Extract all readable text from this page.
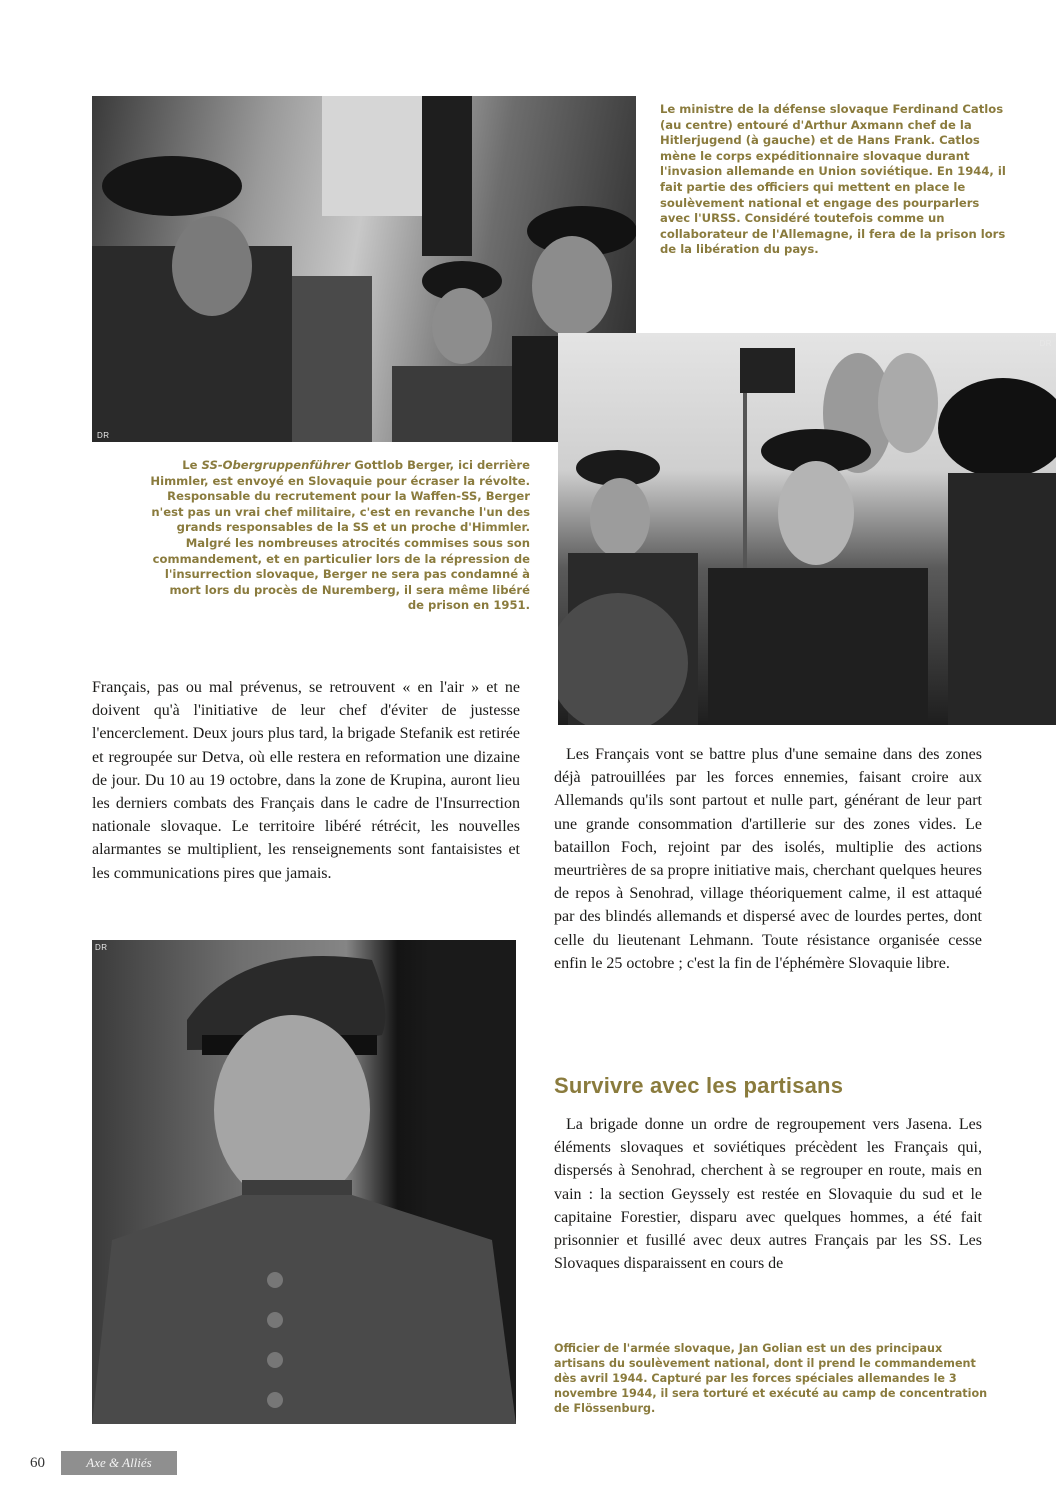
DR

Le ministre de la défense slovaque Ferdinand Catlos (au centre) entouré d'Arthur Axmann chef de la Hitlerjugend (à gauche) et de Hans Frank. Catlos mène le corps expéditionnaire slovaque durant l'invasion allemande en Union soviétique. En 1944, il fait partie des officiers qui mettent en place le soulèvement national et engage des pourparlers avec l'URSS. Considéré toutefois comme un collaborateur de l'Allemagne, il fera de la prison lors de la libération du pays.

DR

Le SS-Obergruppenführer Gottlob Berger, ici derrière Himmler, est envoyé en Slovaquie pour écraser la révolte. Responsable du recrutement pour la Waffen-SS, Berger n'est pas un vrai chef militaire, c'est en revanche l'un des grands responsables de la SS et un proche d'Himmler. Malgré les nombreuses atrocités commises sous son commandement, et en particulier lors de la répression de l'insurrection slovaque, Berger ne sera pas condamné à mort lors du procès de Nuremberg, il sera même libéré de prison en 1951.

Français, pas ou mal prévenus, se retrouvent « en l'air » et ne doivent qu'à l'initiative de leur chef d'éviter de justesse l'encerclement. Deux jours plus tard, la brigade Stefanik est retirée et regroupée sur Detva, où elle restera en reformation une dizaine de jour. Du 10 au 19 octobre, dans la zone de Krupina, auront lieu les derniers combats des Français dans le cadre de l'Insurrection nationale slovaque. Le territoire libéré rétrécit, les nouvelles alarmantes se multiplient, les renseignements sont fantaisistes et les communications pires que jamais.

DR

Les Français vont se battre plus d'une semaine dans des zones déjà patrouillées par les forces ennemies, faisant croire aux Allemands qu'ils sont partout et nulle part, générant de leur part une grande consommation d'artillerie sur des zones vides. Le bataillon Foch, rejoint par des isolés, multiplie des actions meurtrières de sa propre initiative mais, cherchant quelques heures de repos à Senohrad, village théoriquement calme, il est attaqué par des blindés allemands et dispersé avec de lourdes pertes, dont celle du lieutenant Lehmann. Toute résistance organisée cesse enfin le 25 octobre ; c'est la fin de l'éphémère Slovaquie libre.

Survivre avec les partisans

La brigade donne un ordre de regroupement vers Jasena. Les éléments slovaques et soviétiques précèdent les Français qui, dispersés à Senohrad, cherchent à se regrouper en route, mais en vain : la section Geyssely est restée en Slovaquie du sud et le capitaine Forestier, disparu avec quelques hommes, a été fait prisonnier et fusillé avec deux autres Français par les SS. Les Slovaques disparaissent en cours de

Officier de l'armée slovaque, Jan Golian est un des principaux artisans du soulèvement national, dont il prend le commandement dès avril 1944. Capturé par les forces spéciales allemandes le 3 novembre 1944, il sera torturé et exécuté au camp de concentration de Flössenburg.

60	Axe & Alliés
